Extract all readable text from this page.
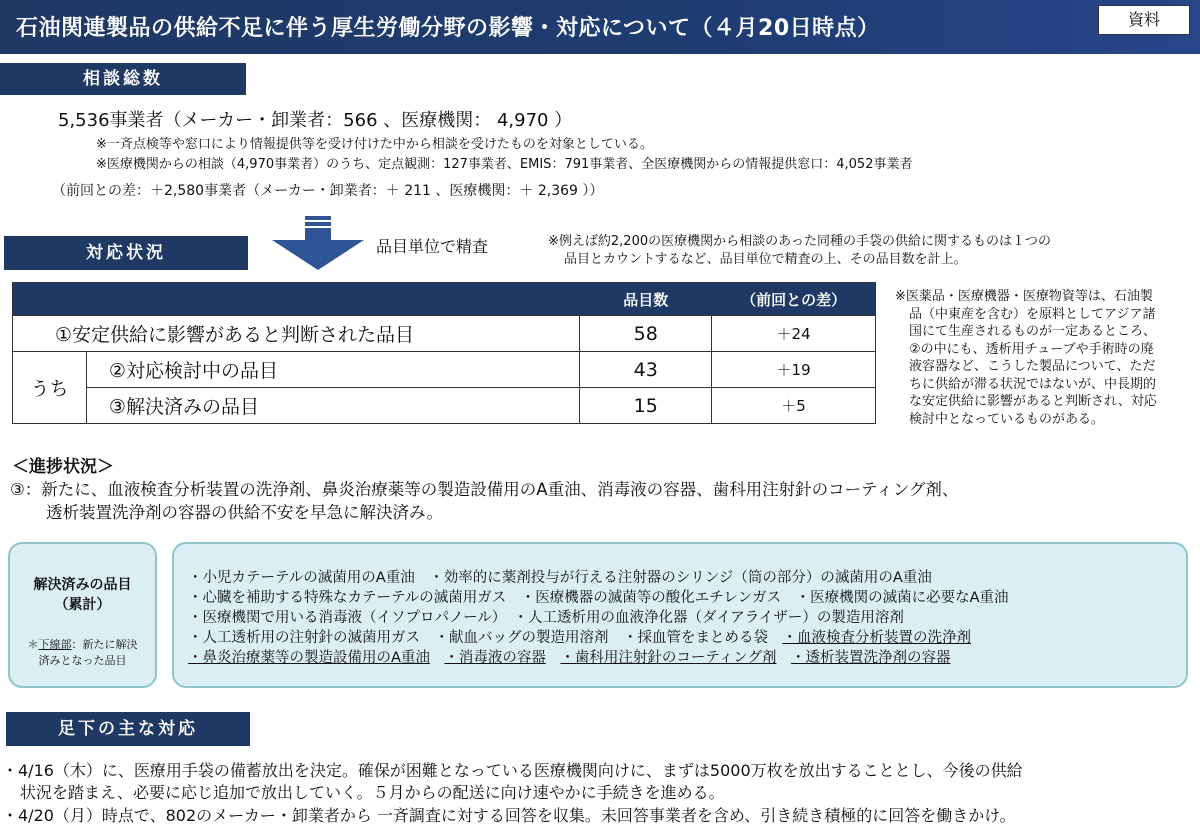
石油関連製品の供給不足に伴う厚生労働分野の影響・対応について（４月20日時点）	資料
相談総数
5,536事業者（メーカー・卸業者：566 、医療機関： 4,970 ）
※一斉点検等や窓口により情報提供等を受け付けた中から相談を受けたものを対象としている。
※医療機関からの相談（4,970事業者）のうち、定点観測：127事業者、EMIS：791事業者、全医療機関からの情報提供窓口：4,052事業者
（前回との差：＋2,580事業者（メーカー・卸業者：＋ 211 、医療機関：＋ 2,369 ））
対応状況	品目単位で精査	※例えば約2,200の医療機関から相談のあった同種の手袋の供給に関するものは１つの
品目とカウントするなど、品目単位で精査の上、その品目数を計上。
		品目数	（前回との差）
①安定供給に影響があると判断された品目		58	＋24
うち	②対応検討中の品目	43	＋19
	③解決済みの品目	15	＋5
※医薬品・医療機器・医療物資等は、石油製
品（中東産を含む）を原料としてアジア諸
国にて生産されるものが一定あるところ、
②の中にも、透析用チューブや手術時の廃
液容器など、こうした製品について、ただ
ちに供給が滞る状況ではないが、中長期的
な安定供給に影響があると判断され、対応
検討中となっているものがある。
＜進捗状況＞
③：新たに、血液検査分析装置の洗浄剤、鼻炎治療薬等の製造設備用のA重油、消毒液の容器、歯科用注射針のコーティング剤、
透析装置洗浄剤の容器の供給不安を早急に解決済み。
解決済みの品目
（累計）
＊下線部：新たに解決
済みとなった品目
・小児カテーテルの滅菌用のA重油　 ・効率的に薬剤投与が行える注射器のシリンジ（筒の部分）の滅菌用のA重油
・心臓を補助する特殊なカテーテルの滅菌用ガス　 ・医療機器の滅菌等の酸化エチレンガス　 ・医療機関の滅菌に必要なA重油
・医療機関で用いる消毒液（イソプロパノール）　 ・人工透析用の血液浄化器（ダイアライザー）の製造用溶剤
・人工透析用の注射針の滅菌用ガス　 ・献血バッグの製造用溶剤　 ・採血管をまとめる袋　 ・血液検査分析装置の洗浄剤
・鼻炎治療薬等の製造設備用のA重油　 ・消毒液の容器　 ・歯科用注射針のコーティング剤　 ・透析装置洗浄剤の容器
足下の主な対応
・4/16（木）に、医療用手袋の備蓄放出を決定。確保が困難となっている医療機関向けに、まずは5000万枚を放出することとし、今後の供給
状況を踏まえ、必要に応じ追加で放出していく。５月からの配送に向け速やかに手続きを進める。
・4/20（月）時点で、802のメーカー・卸業者から 一斉調査に対する回答を収集。未回答事業者を含め、引き続き積極的に回答を働きかけ。
